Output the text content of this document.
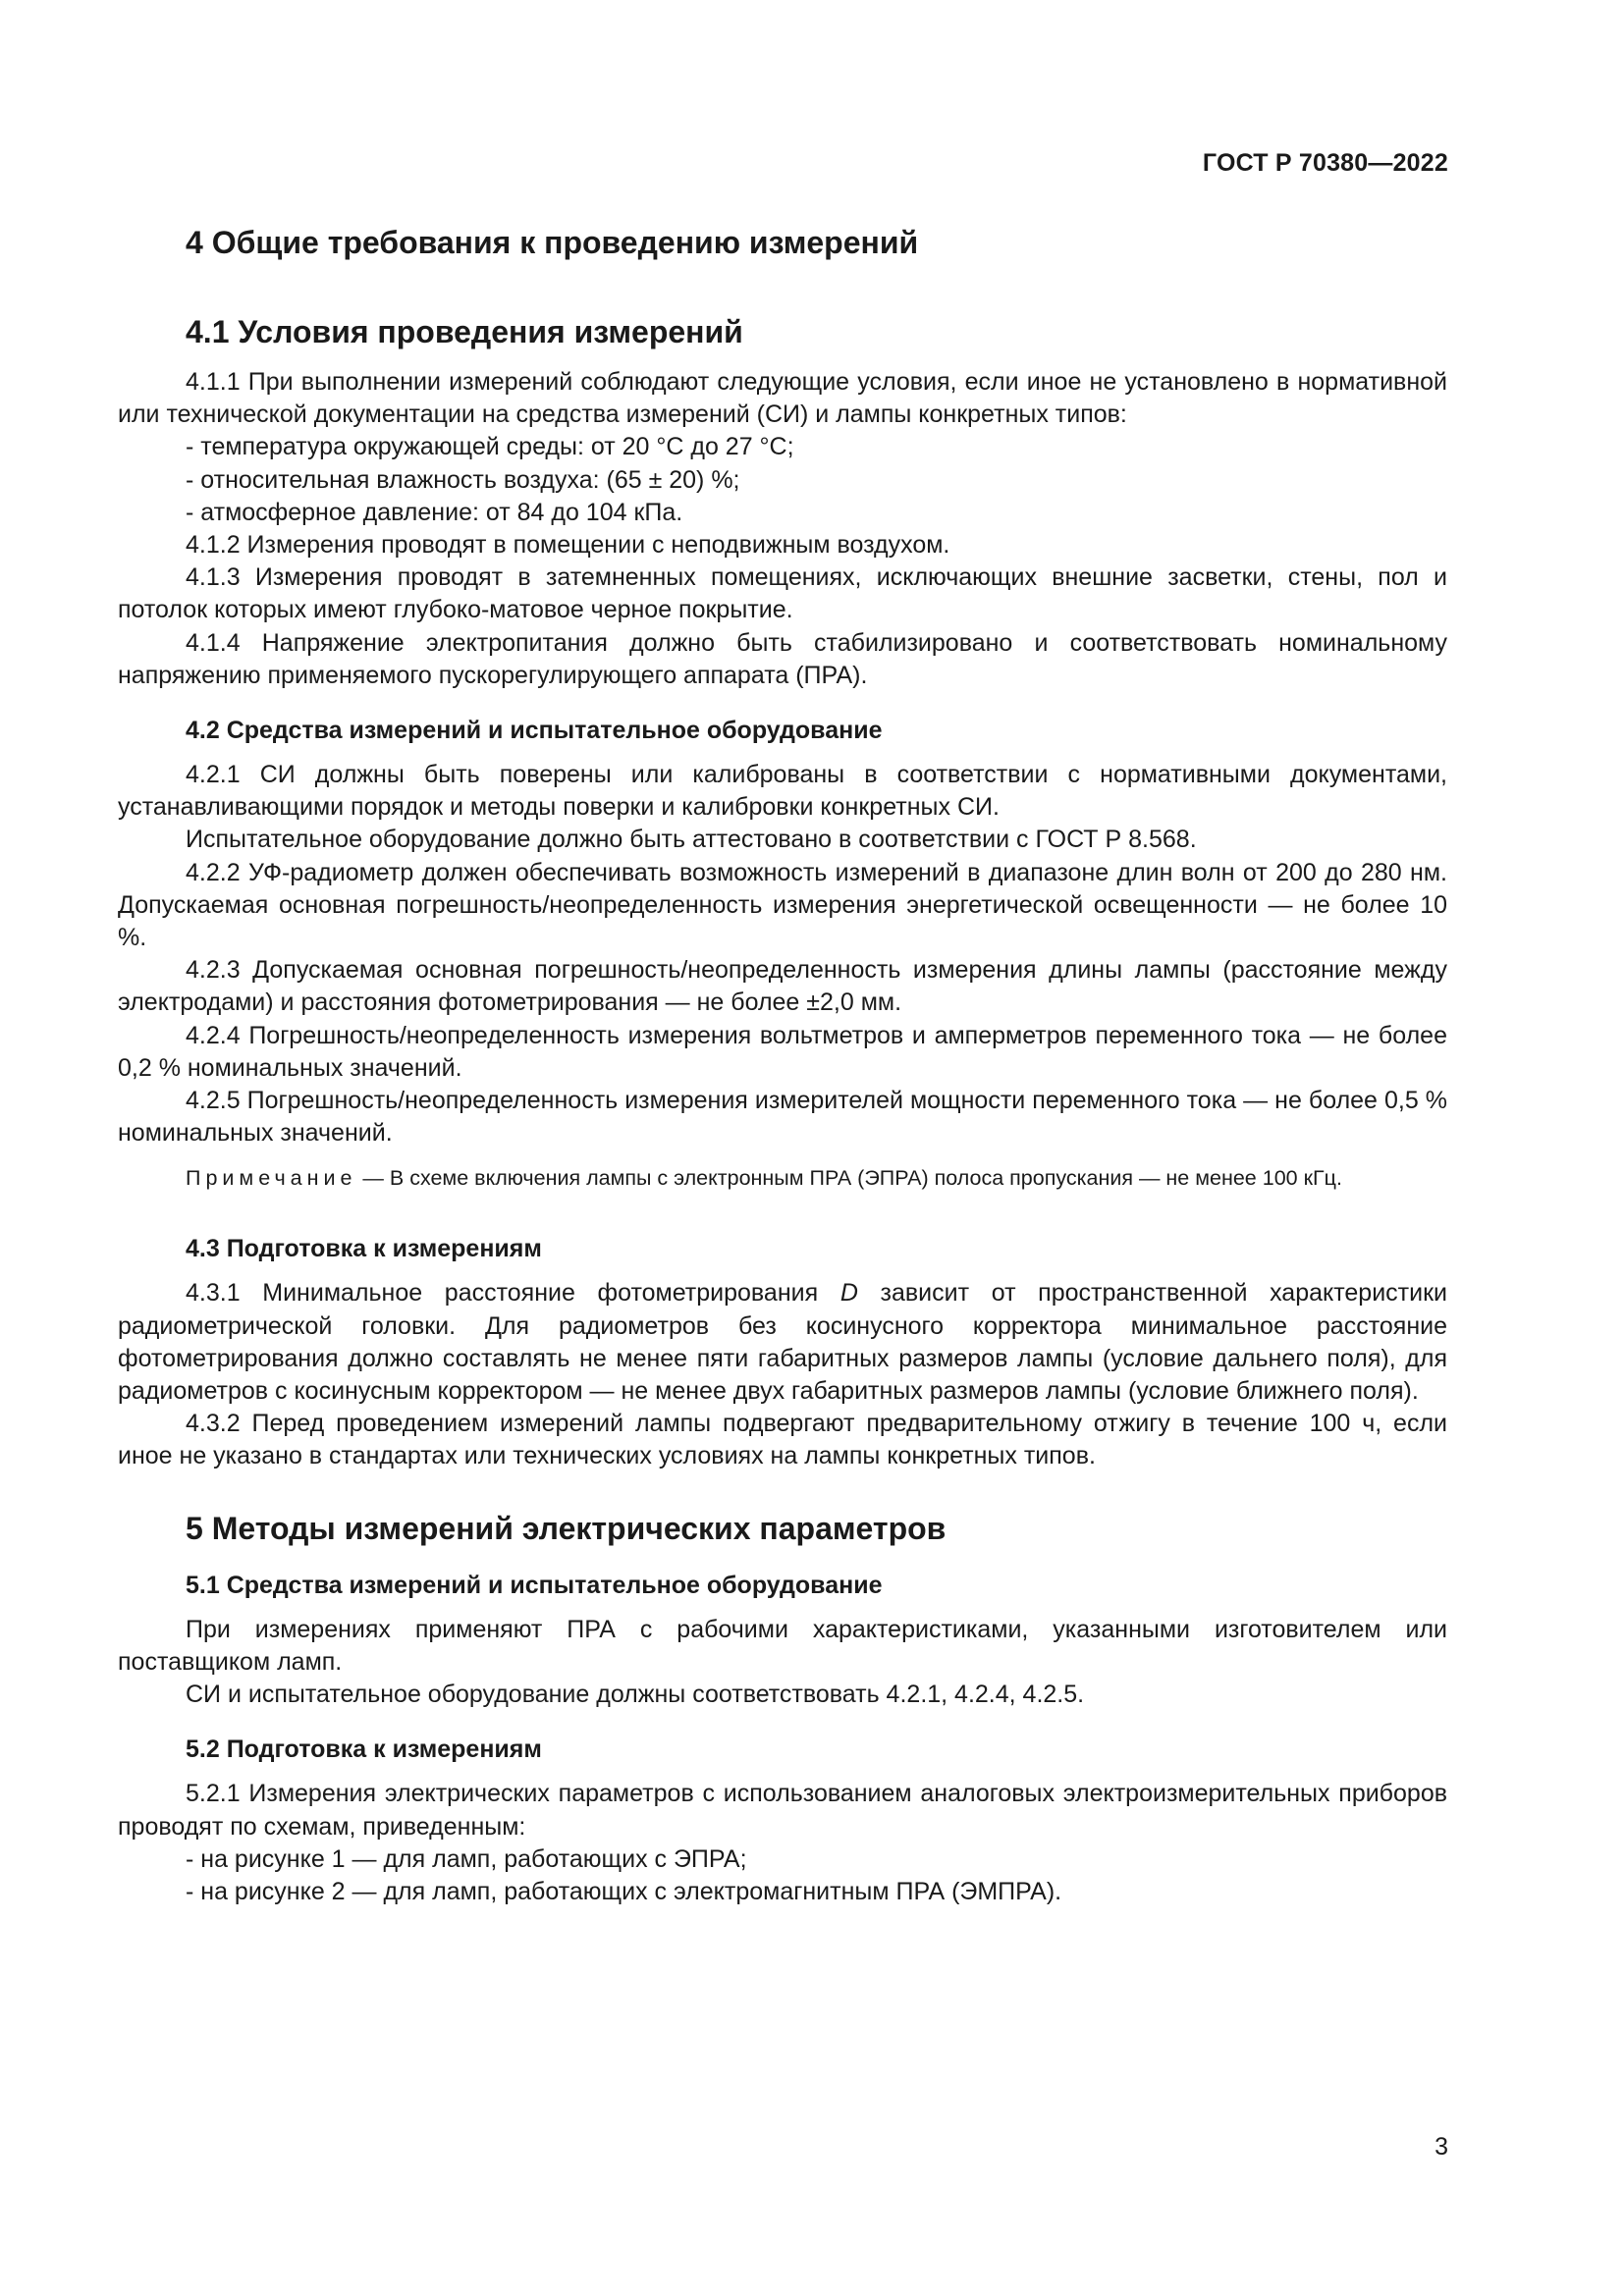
ГОСТ Р 70380—2022
4 Общие требования к проведению измерений
4.1 Условия проведения измерений

4.1.1 При выполнении измерений соблюдают следующие условия, если иное не установлено в нормативной или технической документации на средства измерений (СИ) и лампы конкретных типов:

- температура окружающей среды: от 20 °С до 27 °С;

- относительная влажность воздуха: (65 ± 20) %;

- атмосферное давление: от 84 до 104 кПа.

4.1.2 Измерения проводят в помещении с неподвижным воздухом.

4.1.3 Измерения проводят в затемненных помещениях, исключающих внешние засветки, стены, пол и потолок которых имеют глубоко-матовое черное покрытие.

4.1.4 Напряжение электропитания должно быть стабилизировано и соответствовать номинальному напряжению применяемого пускорегулирующего аппарата (ПРА).

4.2 Средства измерений и испытательное оборудование

4.2.1 СИ должны быть поверены или калиброваны в соответствии с нормативными документами, устанавливающими порядок и методы поверки и калибровки конкретных СИ.

Испытательное оборудование должно быть аттестовано в соответствии с ГОСТ Р 8.568.

4.2.2 УФ-радиометр должен обеспечивать возможность измерений в диапазоне длин волн от 200 до 280 нм. Допускаемая основная погрешность/неопределенность измерения энергетической освещенности — не более 10 %.

4.2.3 Допускаемая основная погрешность/неопределенность измерения длины лампы (расстояние между электродами) и расстояния фотометрирования — не более ±2,0 мм.

4.2.4 Погрешность/неопределенность измерения вольтметров и амперметров переменного тока — не более 0,2 % номинальных значений.

4.2.5 Погрешность/неопределенность измерения измерителей мощности переменного тока — не более 0,5 % номинальных значений.

Примечание — В схеме включения лампы с электронным ПРА (ЭПРА) полоса пропускания — не менее 100 кГц.

4.3 Подготовка к измерениям

4.3.1 Минимальное расстояние фотометрирования D зависит от пространственной характеристики радиометрической головки. Для радиометров без косинусного корректора минимальное расстояние фотометрирования должно составлять не менее пяти габаритных размеров лампы (условие дальнего поля), для радиометров с косинусным корректором — не менее двух габаритных размеров лампы (условие ближнего поля).

4.3.2 Перед проведением измерений лампы подвергают предварительному отжигу в течение 100 ч, если иное не указано в стандартах или технических условиях на лампы конкретных типов.

5 Методы измерений электрических параметров
5.1 Средства измерений и испытательное оборудование

При измерениях применяют ПРА с рабочими характеристиками, указанными изготовителем или поставщиком ламп.

СИ и испытательное оборудование должны соответствовать 4.2.1, 4.2.4, 4.2.5.

5.2 Подготовка к измерениям

5.2.1 Измерения электрических параметров с использованием аналоговых электроизмерительных приборов проводят по схемам, приведенным:

- на рисунке 1 — для ламп, работающих с ЭПРА;

- на рисунке 2 — для ламп, работающих с электромагнитным ПРА (ЭМПРА).

3
